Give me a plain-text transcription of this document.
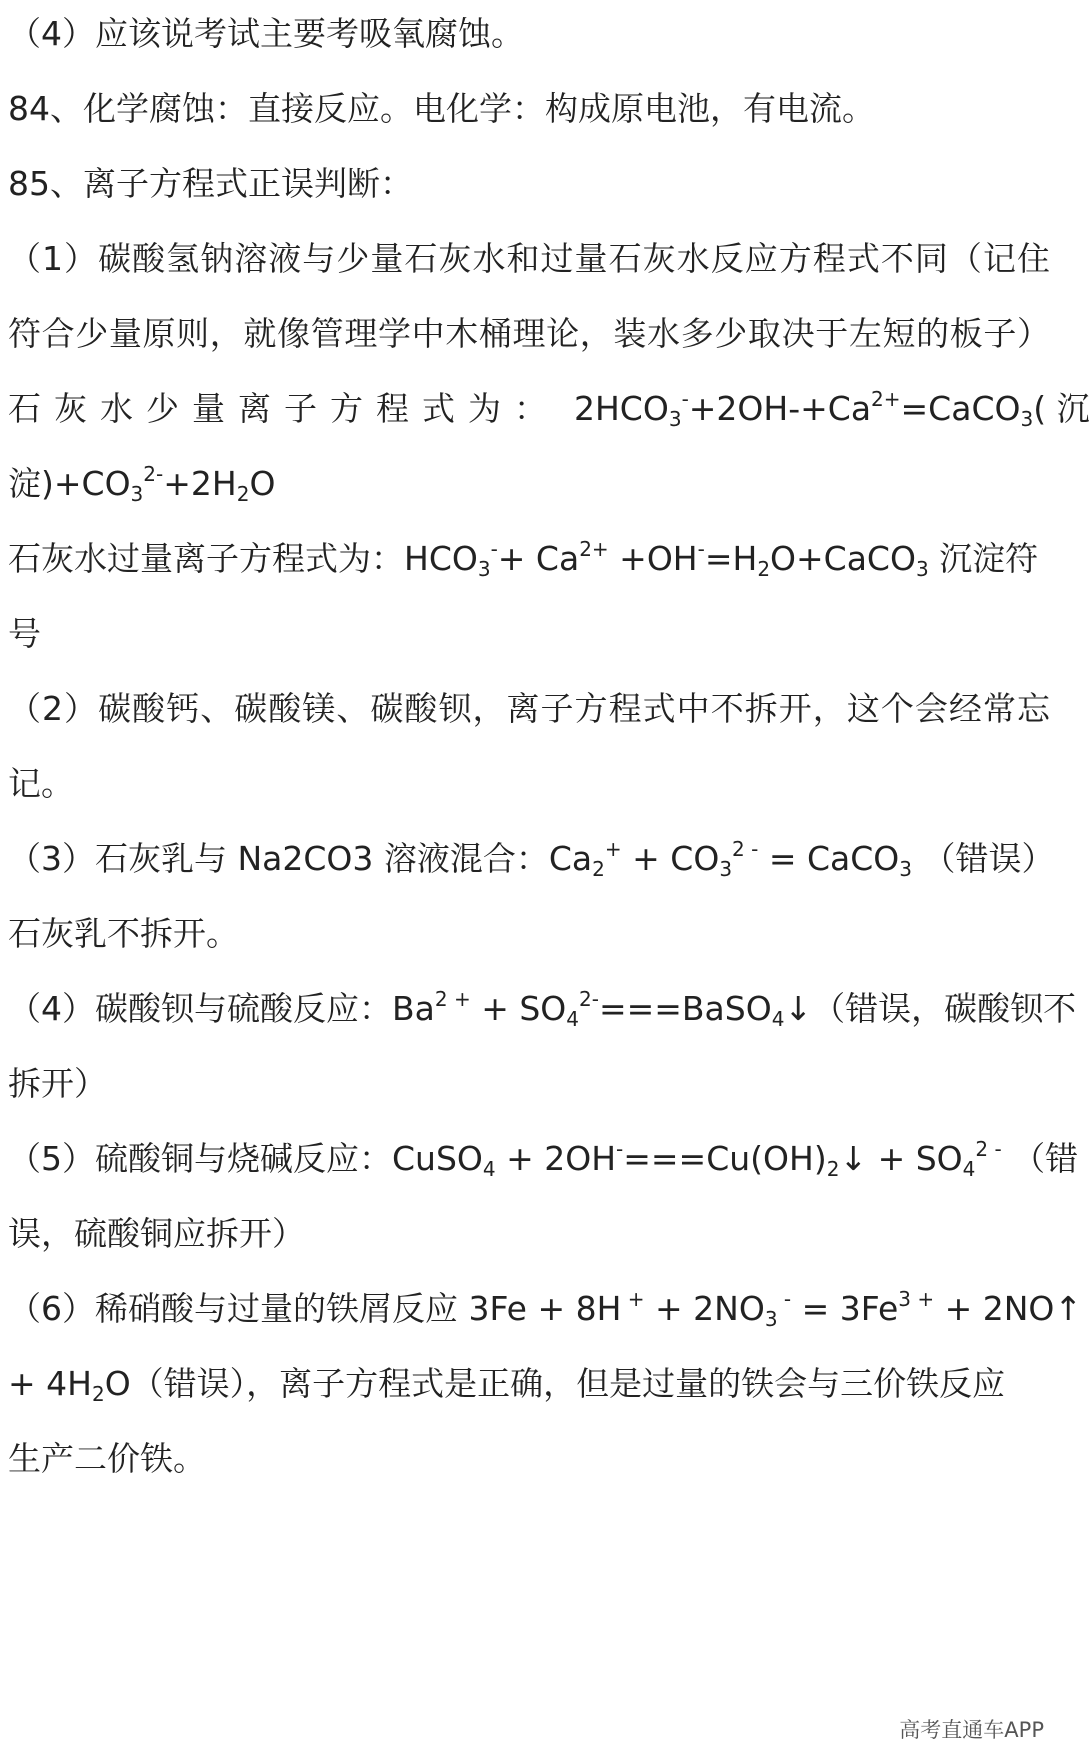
（4）应该说考试主要考吸氧腐蚀。
84、化学腐蚀：直接反应。电化学：构成原电池，有电流。
85、离子方程式正误判断：
（1）碳酸氢钠溶液与少量石灰水和过量石灰水反应方程式不同（记住
符合少量原则，就像管理学中木桶理论，装水多少取决于左短的板子）
石灰水少量离子方程式为： $2HCO_3^-+2OH-+Ca^{2+}=CaCO_3$( 沉
淀)$+CO_3^{2-}+2H_2O$
石灰水过量离子方程式为：$HCO_3^-+ Ca^{2+}$ $+OH^-=H_2O+CaCO_3$ 沉淀符
号
（2）碳酸钙、碳酸镁、碳酸钡，离子方程式中不拆开，这个会经常忘
记。
（3）石灰乳与 Na2CO3 溶液混合：$Ca_2^+ + CO_3^{2 -}$ = CaCO$_3$ （错误）
石灰乳不拆开。
（4）碳酸钡与硫酸反应：$Ba^{2 +}$ + $SO_4^{2-}===BaSO_4↓$（错误，碳酸钡不
拆开）
（5）硫酸铜与烧碱反应：CuSO$_4$ + $2OH^-===Cu(OH)_2↓ + SO_4^{2 -}$ （错
误，硫酸铜应拆开）
（6）稀硝酸与过量的铁屑反应 3Fe + 8H $^+ + 2NO_3$ $^- = 3Fe^{3 +}$ + 2NO↑
+ $4H_2O$（错误），离子方程式是正确，但是过量的铁会与三价铁反应
生产二价铁。
高考直通车APP
